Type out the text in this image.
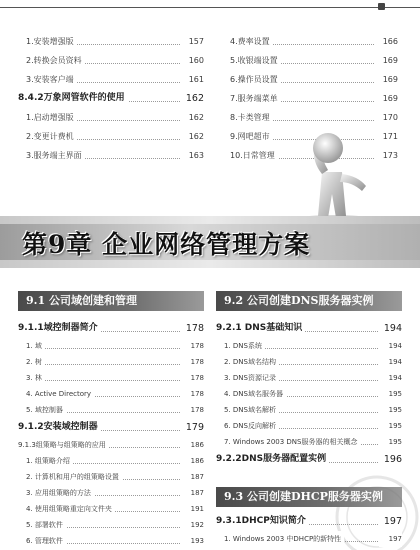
1.安装增强版	157
2.转换会员资料	160
3.安装客户端	161
8.4.2万象网管软件的使用	162
1.启动增强版	162
2.变更计费机	162
3.服务端主界面	163
4.费率设置	166
5.收银端设置	169
6.操作员设置	169
7.服务端菜单	169
8.卡类管理	170
9.网吧超市	171
10.日常管理	173
第9章 企业网络管理方案
9.1 公司域创建和管理	9.2 公司创建DNS服务器实例
9.1.1域控制器简介	178
1. 域	178
2. 树	178
3. 林	178
4. Active Directory	178
5. 域控制器	178
9.1.2安装域控制器	179
9.1.3组策略与组策略的应用	186
1. 组策略介绍	186
2. 计算机和用户的组策略设置	187
3. 应用组策略的方法	187
4. 使用组策略重定向文件夹	191
5. 部署软件	192
6. 管理软件	193
9.2.1 DNS基础知识	194
1. DNS系统	194
2. DNS域名结构	194
3. DNS资源记录	194
4. DNS域名服务器	195
5. DNS域名解析	195
6. DNS反向解析	195
7. Windows 2003 DNS服务器的相关概念	195
9.2.2DNS服务器配置实例	196
9.3 公司创建DHCP服务器实例
9.3.1DHCP知识简介	197
1. Windows 2003 中DHCP的新特性	197
